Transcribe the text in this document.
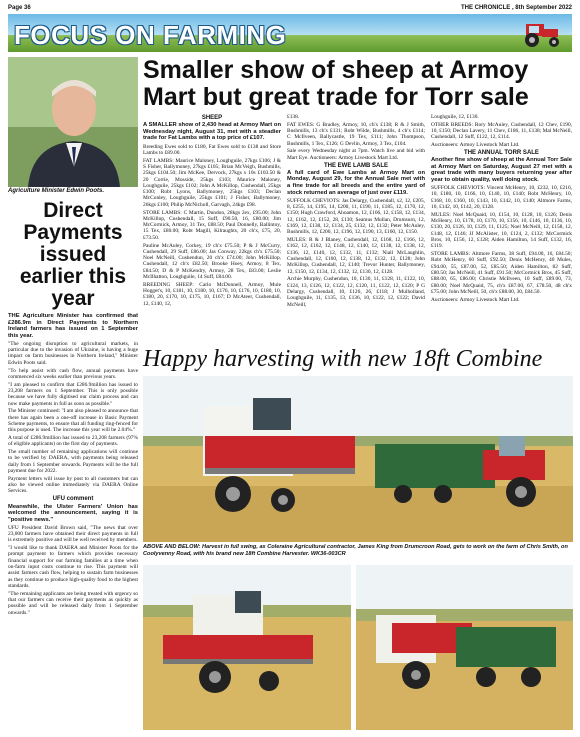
Page 36	THE CHRONICLE , 8th September 2022
FOCUS ON FARMING
Agriculture Minister Edwin Poots.
Direct Payments issued earlier this year

THE Agriculture Minister has confirmed that £286.9m in Direct Payments to Northern Ireland farmers has issued on 1 September this year.

"The ongoing disruption to agricultural markets, in particular due to the invasion of Ukraine, is having a huge impact on farm businesses in Northern Ireland," Minister Edwin Poots said.

"To help assist with cash flow, annual payments have commenced six weeks earlier than previous years.

"I am pleased to confirm that £286.9million has issued to 23,208 farmers on 1 September. This is only possible because we have fully digitised our claim process and can now make payments in full as soon as possible."

The Minister continued: "I am also pleased to announce that there has again been a one-off increase in Basic Payment Scheme payments, to ensure that all funding ring-fenced for this purpose is used. The increase this year will be 2.04%."

A total of £286.9million has issued to 23,208 farmers (97% of eligible applicants) on the first day of payments.

The small number of remaining applications will continue to be verified by DAERA, with payments being released daily from 1 September onwards. Payments will be the full payment due for 2022.

Payment letters will issue by post to all customers but can also be viewed online immediately via DAERA Online Services.

UFU comment

Meanwhile, the Ulster Farmers' Union has welcomed the announcement, saying it is "positive news."

UFU President David Brown said, "The news that over 23,000 farmers have obtained their direct payments in full is extremely positive and will be well received by members.

"I would like to thank DAERA and Minister Poots for the prompt payment to farmers which provides necessary financial support for our farming families at a time when on-farm input costs continue to rise. This payment will assist farmers cash flow, helping to sustain farm businesses as they continue to produce high-quality food to the highest standards.

"The remaining applicants are being treated with urgency so that our farmers can receive their payments as quickly as possible and will be released daily from 1 September onwards."

Smaller show of sheep at Armoy Mart but great trade for Torr sale
SHEEP

A SMALLER show of 2,430 head at Armoy Mart on Wednesday night, August 31, met with a steadier trade for Fat Lambs with a top price of £107.

Breeding Ewes sold to £180, Fat Ewes sold to £138 and Store Lambs to £89.00.

FAT LAMBS: Maurice Maloney, Loughguile, 27kgs £106; J & S Fisher, Ballymoney, 27kgs £105; Brian McVeigh, Bushmills, 25kgs £104.50; Jim McKee, Dervock, 27kgs x 10s £103.50 & 20 Corrie, Mosside, 25kgs £103; Maurice Maloney, Loughguile, 25kgs £102; John A McKillop, Cushendall, 25kgs £100; Robt Lyons, Ballymoney, 25kgs £103; Declan McConley, Loughguile, 25kgs £101; J Fisher, Ballymoney, 26kgs £100; Philip McNicholl, Garvagh, 24kgs £98.

STORE LAMBS: C Martin, Dundon, 28kgs 2ex, £95.00; John McKillop, Cushendall, 15 Suff, £90.50, 16, £80.00; Jim McCormick, Armoy, 31 Tex, £88.50; Paul Donnelly, Ballintoy, 15 Tex, £80.00; Robt Magill, Kilraughts, 20 ch'x, £75, 20, £73.50.

Pauline McAuley, Corkey, 19 ch'x £75.50; P & J McCurry, Cushendall, 29 Suff, £86.00; Jas Conway, 22kgs ch'x £75.50; Noel McNeill, Cushendun, 20 ch'x £74.00; John McKillop, Cushendall, 12 ch'x £82.50; Brooke Hoey, Armoy, 8 Tex, £84.50; D & P McKendry, Armoy, 28 Tex, £83.00; Leslie McIlhatton, Loughguile, 14 Suff, £84.00.

BREEDING SHEEP: Carlo McDonnell, Armoy, Mule Hogget's, 10, £181, 10, £180, 10, £176, 10, £176, 10, £180, 10, £180, 20, £170, 10, £175, 10, £167; D McAteer, Cushendall, 12, £140, 12,

£138.

FAT EWES: G Bradley, Armoy, 10, ch'x £138; R & J Smith, Bushmills, 13 ch'x £131; Robt Wilde, Bushmills, 4 ch'x £114; C McIlveen, Ballycastle, 19 Tex, £111; John Thompson, Bushmills, 1 Tex, £126; G Devlin, Armoy, 3 Tex, £104.

Sale every Wednesday night at 7pm. Watch live and bid with Mart Eye. Auctioneers: Armoy Livestock Mart Ltd.

THE EWE LAMB SALE

A full card of Ewe Lambs at Armoy Mart on Monday, August 29, for the Annual Sale met with a fine trade for all breeds and the entire yard of stock returned an average of just over £119.

SUFFOLK CHEVIOTS: Jas Delargy, Cushendall, x2, 12, £205, 8, £255, 14, £195, 14, £200, 11, £190, 11, £185, 12, £170, 12, £150; Hugh Crawford, Ahoamon, 12, £166, 12, £158, 12, £134, 12, £162, 12, £152, 28, £130; Seamus Mullan, Drumsurn, 12, £169, 12, £138, 12, £134, 25, £132, 12, £132; Peter McAuley, Bushmills, 12, £200, 12, £196, 12, £190, 13, £160, 12, £150.

MULES: R & J Blaney, Cushendall, 12, £168, 12, £166, 12, £162, 12, £162, 12, £148, 12, £140, 12, £138, 12, £138, 12, £136, 12, £140, 12, £132, 11, £132; Niall McLaughlin, Cushendall, 12, £160, 12, £138, 12, £132, 12, £128; John McKillop, Cushendall, 12, £140; Trevor Hunter, Ballymoney, 12, £150, 12, £134, 12, £132, 12, £130, 12, £128.

Archie Murphy, Cushendun, 10, £130, 11, £128, 11, £122, 10, £124, 13, £126, 12, £122, 12, £120, 11, £122, 12, £120; P G Delargy, Cushendall, 10, £126, 26, £118; J Mulholland, Loughguile, 11, £135, 13, £136, 10, £122, 12, £122; David McNeill,

Loughguile, 12, £130.

OTHER BREEDS: Rory McAuley, Cushendall, 12 Chev, £190, 10, £150; Declan Lavery, 11 Chev, £186, 11, £138; Mal McNeill, Cushendall, 12 Suff, £122, 12, £114.

Auctioneers: Armoy Livestock Mart Ltd.

THE ANNUAL TORR SALE

Another fine show of sheep at the Annual Torr Sale at Armoy Mart on Saturday, August 27 met with a great trade with many buyers returning year after year to obtain quality, well doing stock.

SUFFOLK CHEVIOTS: Vincent McHenry, 10, £232, 10, £216, 10, £180, 10, £166, 10, £140, 10, £140; Robt McHenry, 10, £168, 10, £160, 10, £143, 10, £142, 10, £140; Altmore Farms, 10, £142, 10, £142, 20, £128.

MULES: Noel McQuaid, 10, £154, 10, £128, 10, £126; Denis McHenry, 10, £178, 10, £170, 10, £156, 10, £146, 10, £136, 10, £130, 20, £126, 10, £129, 11, £125; Noel McNeill, 12, £158, 12, £148, 12, £146; JJ McAlister, 10, £124, 2, £132; McCormick Bros, 10, £156, 12, £128; Aiden Hamilton, 14 Suff, £132, 16, £119.

STORE LAMBS: Altmore Farms, 38 Suff, £94.00, 16, £84.50; Robt McHenry, 60 Suff, £92.50; Denis McHenry, 40 Mules, £94.00, 55, £87.00, 52, £85.50; Aiden Hamilton, 82 Suff, £80.50; Jas McNeill, 41 Suff, £91.50; McCormick Bros, 45 Suff, £88.00, 65, £86.00; Christie McIlveen, 10 Suff, £89.00, 73, £80.00; Noel McQuaid, 75, ch'x £87.00, 67, £78.50, 48 ch'x £75.00; John McNeill, 50, ch'x £88.00, 30, £84.50.

Auctioneers: Armoy Livestock Mart Ltd.

Happy harvesting with new 18ft Combine
ABOVE AND BELOW: Harvest in full swing, as Coleraine Agricultural contractor, James King from Drumcroon Road, gets to work on the farm of Chris Smith, on Coolyvenny Road, with his brand new 18ft Combine Harvester. WK36-003CR
